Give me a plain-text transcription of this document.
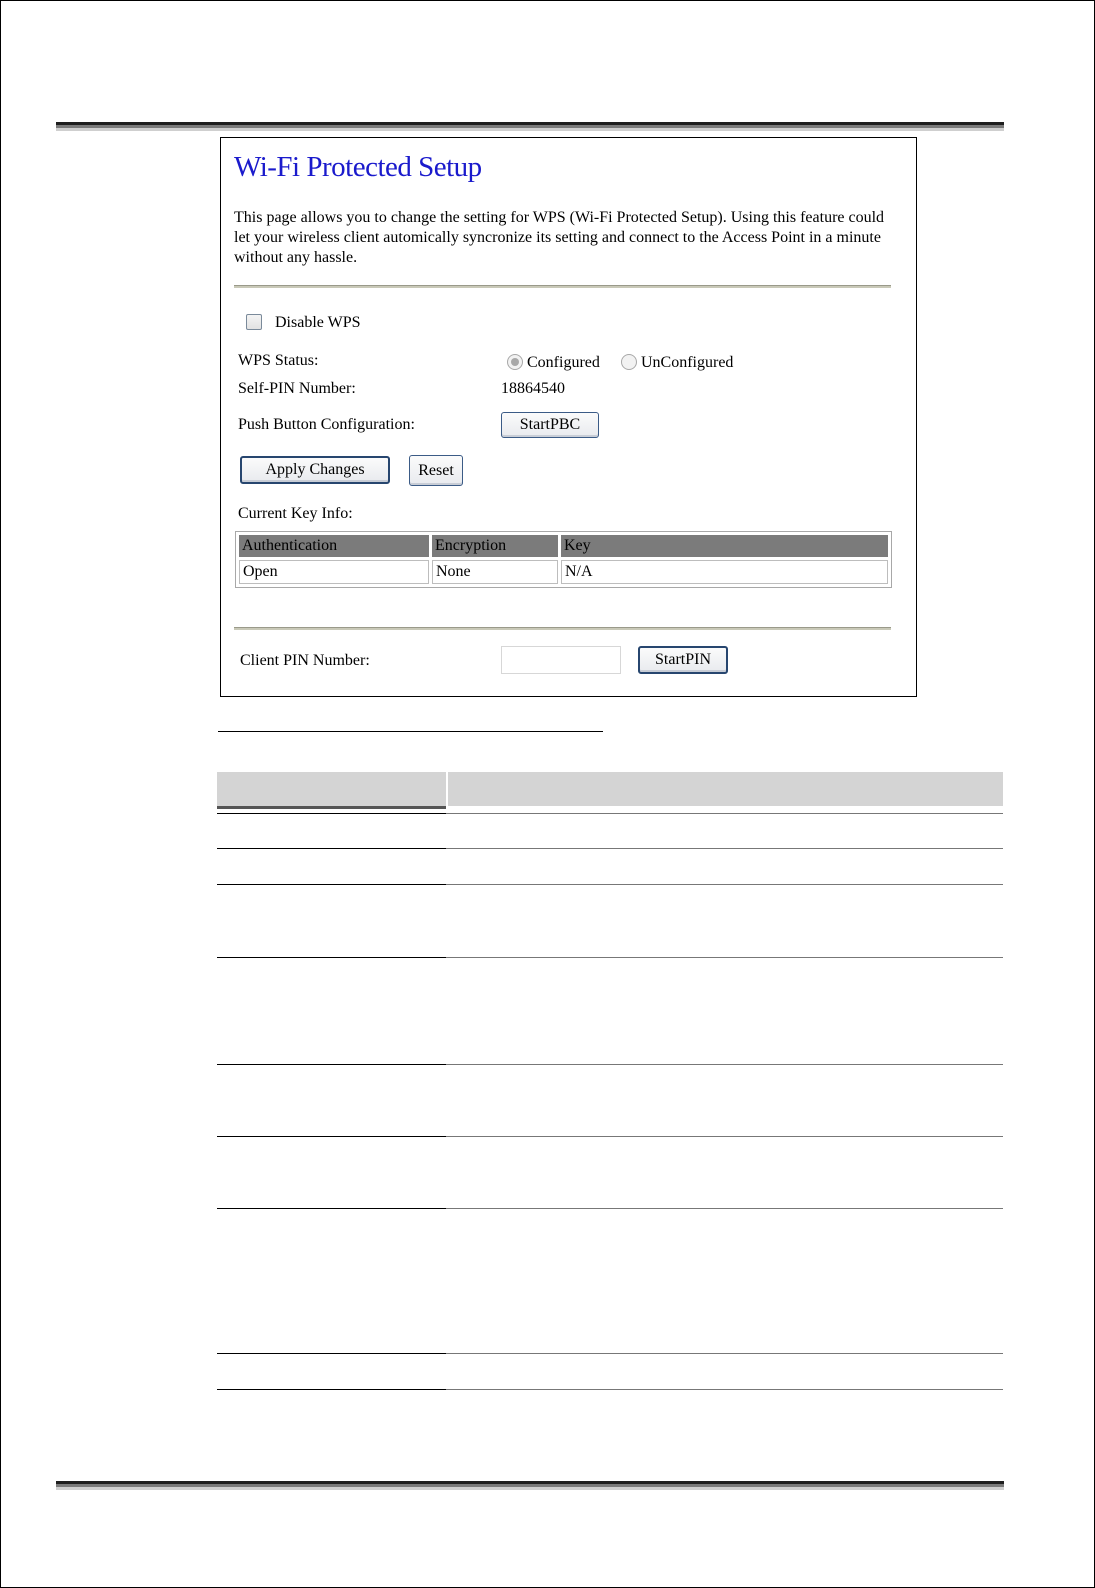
Wi-Fi Protected Setup
This page allows you to change the setting for WPS (Wi-Fi Protected Setup). Using this feature could let your wireless client automically syncronize its setting and connect to the Access Point in a minute without any hassle.
Disable WPS
WPS Status:	Configured	UnConfigured
Self-PIN Number:	18864540
Push Button Configuration:	StartPBC
Apply Changes	Reset
Current Key Info:
Authentication	Encryption	Key
Open	None	N/A
Client PIN Number:	StartPIN
